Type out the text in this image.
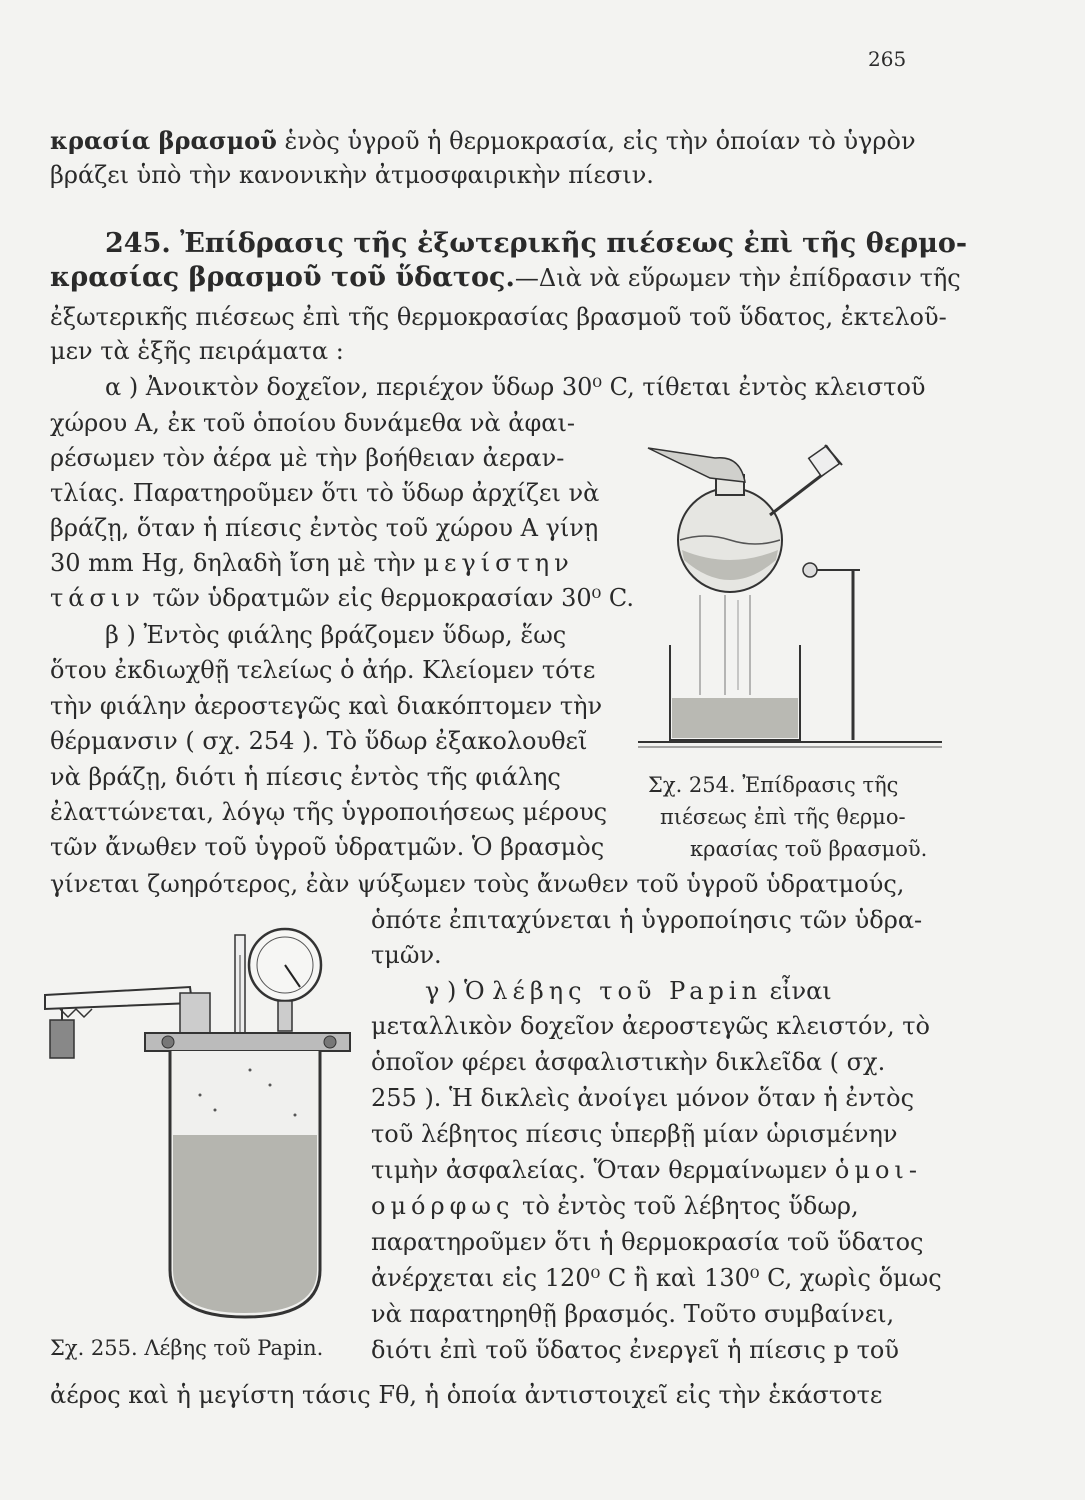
265
κρασία βρασμοῦ ἑνὸς ὑγροῦ ἡ θερμοκρασία, εἰς τὴν ὁποίαν τὸ ὑγρὸν
βράζει ὑπὸ τὴν κανονικὴν ἀτμοσφαιρικὴν πίεσιν.
245. Ἐπίδρασις τῆς ἐξωτερικῆς πιέσεως ἐπὶ τῆς θερμο-
κρασίας βρασμοῦ τοῦ ὕδατος.—Διὰ νὰ εὕρωμεν τὴν ἐπίδρασιν τῆς
ἐξωτερικῆς πιέσεως ἐπὶ τῆς θερμοκρασίας βρασμοῦ τοῦ ὕδατος, ἐκτελοῦ-
μεν τὰ ἑξῆς πειράματα :
α ) Ἀνοικτὸν δοχεῖον, περιέχον ὕδωρ 30⁰ C, τίθεται ἐντὸς κλειστοῦ
χώρου Α, ἐκ τοῦ ὁποίου δυνάμεθα νὰ ἀφαι-
ρέσωμεν τὸν ἀέρα μὲ τὴν βοήθειαν ἀεραν-
τλίας. Παρατηροῦμεν ὅτι τὸ ὕδωρ ἀρχίζει νὰ
βράζῃ, ὅταν ἡ πίεσις ἐντὸς τοῦ χώρου Α γίνῃ
30 mm Hg, δηλαδὴ ἴση μὲ τὴν μεγίστην
τάσιν τῶν ὑδρατμῶν εἰς θερμοκρασίαν 30⁰ C.
β ) Ἐντὸς φιάλης βράζομεν ὕδωρ, ἕως
ὅτου ἐκδιωχθῇ τελείως ὁ ἀήρ. Κλείομεν τότε
τὴν φιάλην ἀεροστεγῶς καὶ διακόπτομεν τὴν
θέρμανσιν ( σχ. 254 ). Τὸ ὕδωρ ἐξακολουθεῖ
νὰ βράζῃ, διότι ἡ πίεσις ἐντὸς τῆς φιάλης
ἐλαττώνεται, λόγῳ τῆς ὑγροποιήσεως μέρους
τῶν ἄνωθεν τοῦ ὑγροῦ ὑδρατμῶν. Ὁ βρασμὸς
γίνεται ζωηρότερος, ἐὰν ψύξωμεν τοὺς ἄνωθεν τοῦ ὑγροῦ ὑδρατμούς,
ὁπότε ἐπιταχύνεται ἡ ὑγροποίησις τῶν ὑδρα-
τμῶν.
γ ) Ὁ λέβης τοῦ Papin εἶναι
μεταλλικὸν δοχεῖον ἀεροστεγῶς κλειστόν, τὸ
ὁποῖον φέρει ἀσφαλιστικὴν δικλεῖδα ( σχ.
255 ). Ἡ δικλεὶς ἀνοίγει μόνον ὅταν ἡ ἐντὸς
τοῦ λέβητος πίεσις ὑπερβῇ μίαν ὡρισμένην
τιμὴν ἀσφαλείας. Ὅταν θερμαίνωμεν ὁμοι-
ομόρφως τὸ ἐντὸς τοῦ λέβητος ὕδωρ,
παρατηροῦμεν ὅτι ἡ θερμοκρασία τοῦ ὕδατος
ἀνέρχεται εἰς 120⁰ C ἢ καὶ 130⁰ C, χωρὶς ὅμως
νὰ παρατηρηθῇ βρασμός. Τοῦτο συμβαίνει,
διότι ἐπὶ τοῦ ὕδατος ἐνεργεῖ ἡ πίεσις p τοῦ
ἀέρος καὶ ἡ μεγίστη τάσις Fθ, ἡ ὁποία ἀντιστοιχεῖ εἰς τὴν ἑκάστοτε
Σχ. 254. Ἐπίδρασις τῆς
πιέσεως ἐπὶ τῆς θερμο-
κρασίας τοῦ βρασμοῦ.
Σχ. 255. Λέβης τοῦ Papin.
